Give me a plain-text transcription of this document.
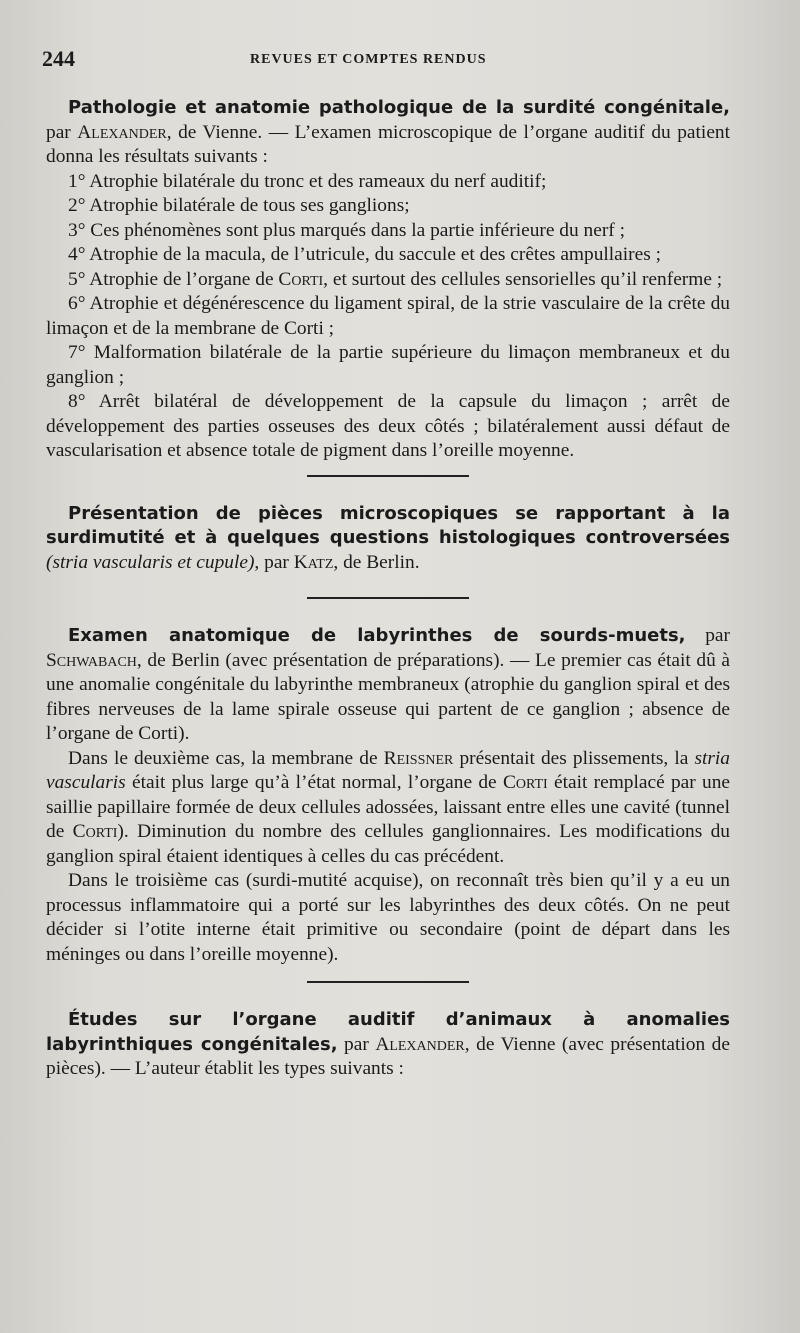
244	REVUES ET COMPTES RENDUS

Pathologie et anatomie pathologique de la surdité congénitale, par Alexander, de Vienne. — L’examen microscopique de l’organe auditif du patient donna les résultats suivants :

1° Atrophie bilatérale du tronc et des rameaux du nerf auditif;

2° Atrophie bilatérale de tous ses ganglions;

3° Ces phénomènes sont plus marqués dans la partie inférieure du nerf ;

4° Atrophie de la macula, de l’utricule, du saccule et des crêtes ampullaires ;

5° Atrophie de l’organe de Corti, et surtout des cellules sensorielles qu’il renferme ;

6° Atrophie et dégénérescence du ligament spiral, de la strie vasculaire de la crête du limaçon et de la membrane de Corti ;

7° Malformation bilatérale de la partie supérieure du limaçon membraneux et du ganglion ;

8° Arrêt bilatéral de développement de la capsule du limaçon ; arrêt de développement des parties osseuses des deux côtés ; bilatéralement aussi défaut de vascularisation et absence totale de pigment dans l’oreille moyenne.

Présentation de pièces microscopiques se rapportant à la surdimutité et à quelques questions histologiques controversées (stria vascularis et cupule), par Katz, de Berlin.

Examen anatomique de labyrinthes de sourds-muets, par Schwabach, de Berlin (avec présentation de préparations). — Le premier cas était dû à une anomalie congénitale du labyrinthe membraneux (atrophie du ganglion spiral et des fibres nerveuses de la lame spirale osseuse qui partent de ce ganglion ; absence de l’organe de Corti).

Dans le deuxième cas, la membrane de Reissner présentait des plissements, la stria vascularis était plus large qu’à l’état normal, l’organe de Corti était remplacé par une saillie papillaire formée de deux cellules adossées, laissant entre elles une cavité (tunnel de Corti). Diminution du nombre des cellules ganglionnaires. Les modifications du ganglion spiral étaient identiques à celles du cas précédent.

Dans le troisième cas (surdi-mutité acquise), on reconnaît très bien qu’il y a eu un processus inflammatoire qui a porté sur les labyrinthes des deux côtés. On ne peut décider si l’otite interne était primitive ou secondaire (point de départ dans les méninges ou dans l’oreille moyenne).

Études sur l’organe auditif d’animaux à anomalies labyrinthiques congénitales, par Alexander, de Vienne (avec présentation de pièces). — L’auteur établit les types suivants :
